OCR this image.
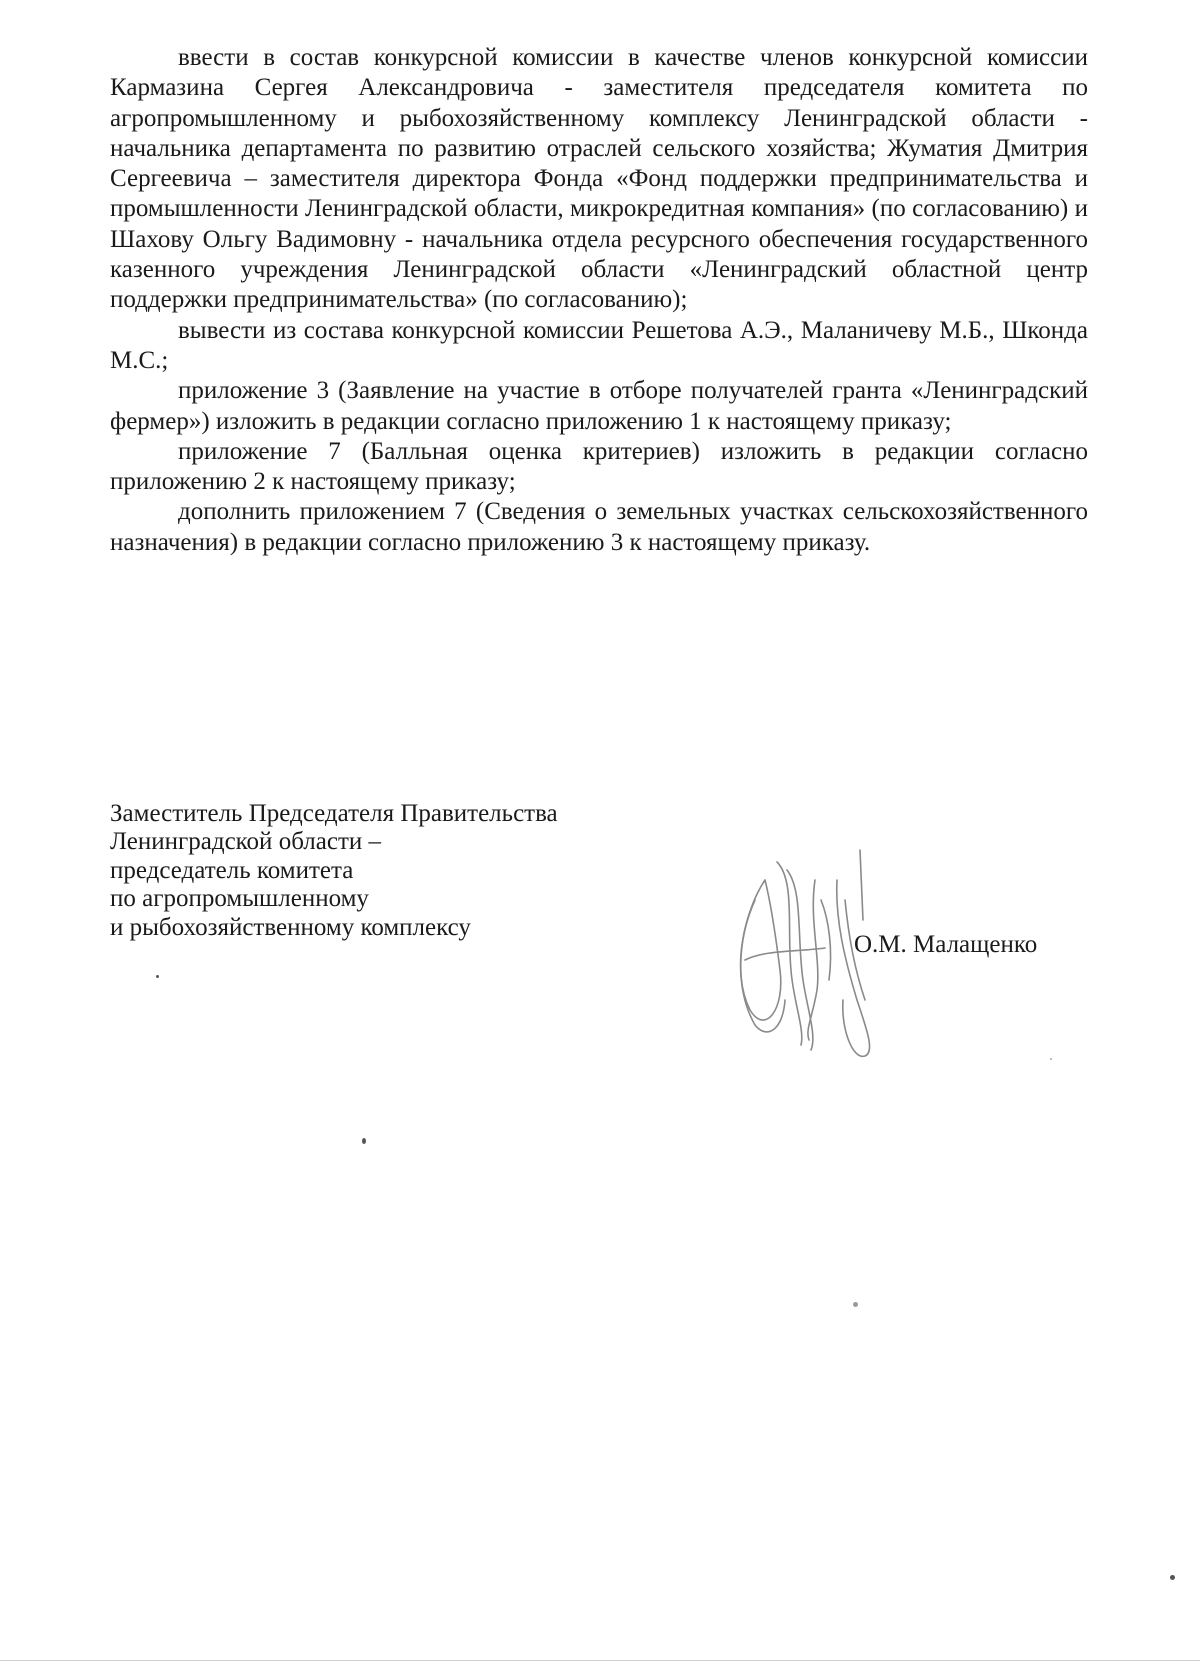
ввести в состав конкурсной комиссии в качестве членов конкурсной комиссии Кармазина Сергея Александровича - заместителя председателя комитета по агропромышленному и рыбохозяйственному комплексу Ленинградской области - начальника департамента по развитию отраслей сельского хозяйства; Жуматия Дмитрия Сергеевича – заместителя директора Фонда «Фонд поддержки предпринимательства и промышленности Ленинградской области, микрокредитная компания» (по согласованию) и Шахову Ольгу Вадимовну - начальника отдела ресурсного обеспечения государственного казенного учреждения Ленинградской области «Ленинградский областной центр поддержки предпринимательства» (по согласованию);

вывести из состава конкурсной комиссии Решетова А.Э., Маланичеву М.Б., Шконда М.С.;

приложение 3 (Заявление на участие в отборе получателей гранта «Ленинградский фермер») изложить в редакции согласно приложению 1 к настоящему приказу;

приложение 7 (Балльная оценка критериев) изложить в редакции согласно приложению 2 к настоящему приказу;

дополнить приложением 7 (Сведения о земельных участках сельскохозяйственного назначения) в редакции согласно приложению 3 к настоящему приказу.

Заместитель Председателя Правительства
Ленинградской области –
председатель комитета
по агропромышленному
и рыбохозяйственному комплексу
О.М. Малащенко
